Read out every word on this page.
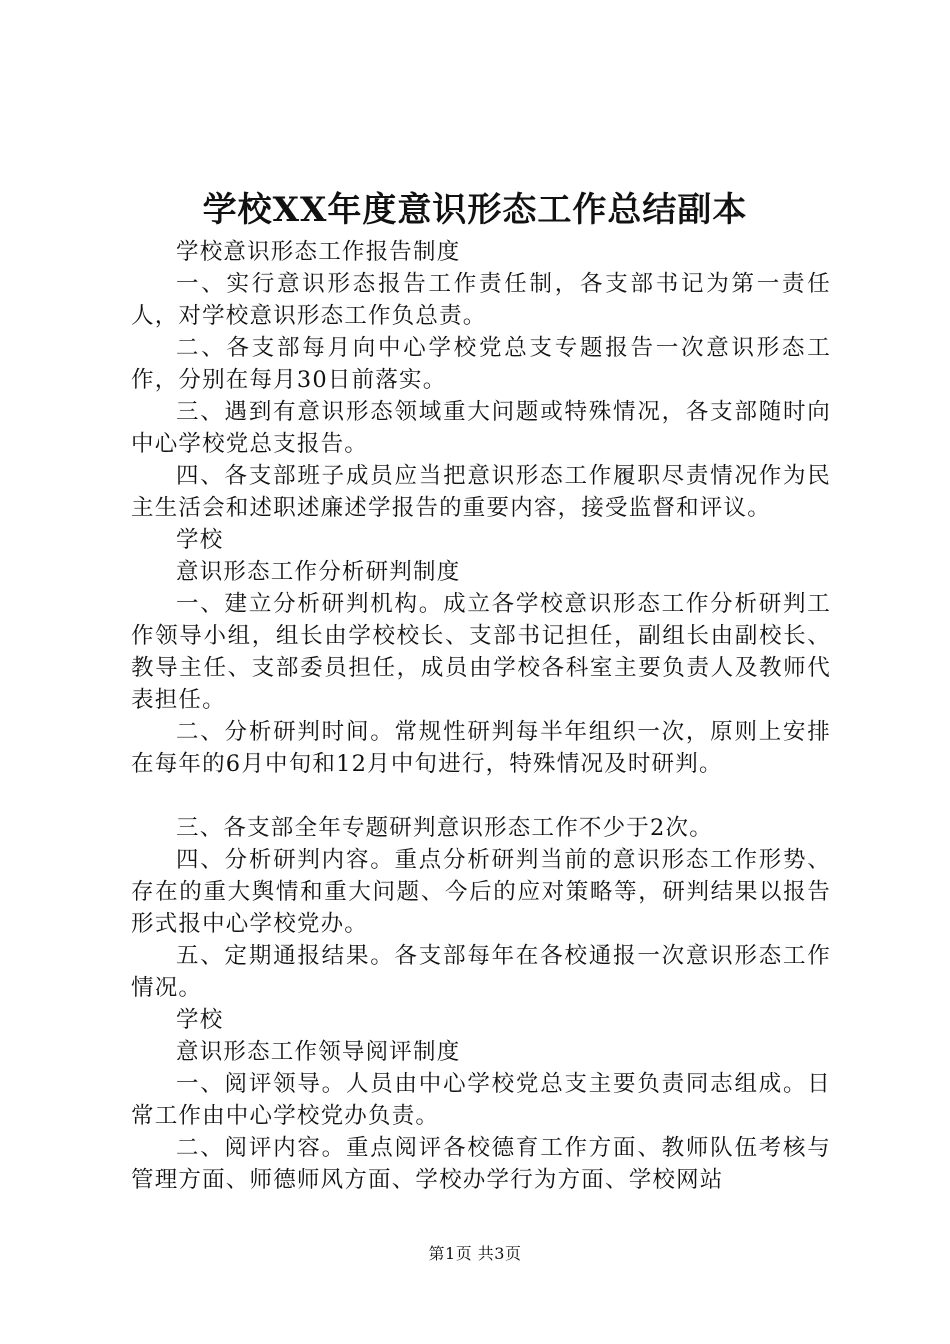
学校XX年度意识形态工作总结副本

学校意识形态工作报告制度

一、实行意识形态报告工作责任制，各支部书记为第一责任人，对学校意识形态工作负总责。

二、各支部每月向中心学校党总支专题报告一次意识形态工作，分别在每月30日前落实。

三、遇到有意识形态领域重大问题或特殊情况，各支部随时向中心学校党总支报告。

四、各支部班子成员应当把意识形态工作履职尽责情况作为民主生活会和述职述廉述学报告的重要内容，接受监督和评议。

学校

意识形态工作分析研判制度

一、建立分析研判机构。成立各学校意识形态工作分析研判工作领导小组，组长由学校校长、支部书记担任，副组长由副校长、教导主任、支部委员担任，成员由学校各科室主要负责人及教师代表担任。

二、分析研判时间。常规性研判每半年组织一次，原则上安排在每年的6月中旬和12月中旬进行，特殊情况及时研判。

三、各支部全年专题研判意识形态工作不少于2次。

四、分析研判内容。重点分析研判当前的意识形态工作形势、存在的重大舆情和重大问题、今后的应对策略等，研判结果以报告形式报中心学校党办。

五、定期通报结果。各支部每年在各校通报一次意识形态工作情况。

学校

意识形态工作领导阅评制度

一、阅评领导。人员由中心学校党总支主要负责同志组成。日常工作由中心学校党办负责。

二、阅评内容。重点阅评各校德育工作方面、教师队伍考核与管理方面、师德师风方面、学校办学行为方面、学校网站

第1页 共3页
